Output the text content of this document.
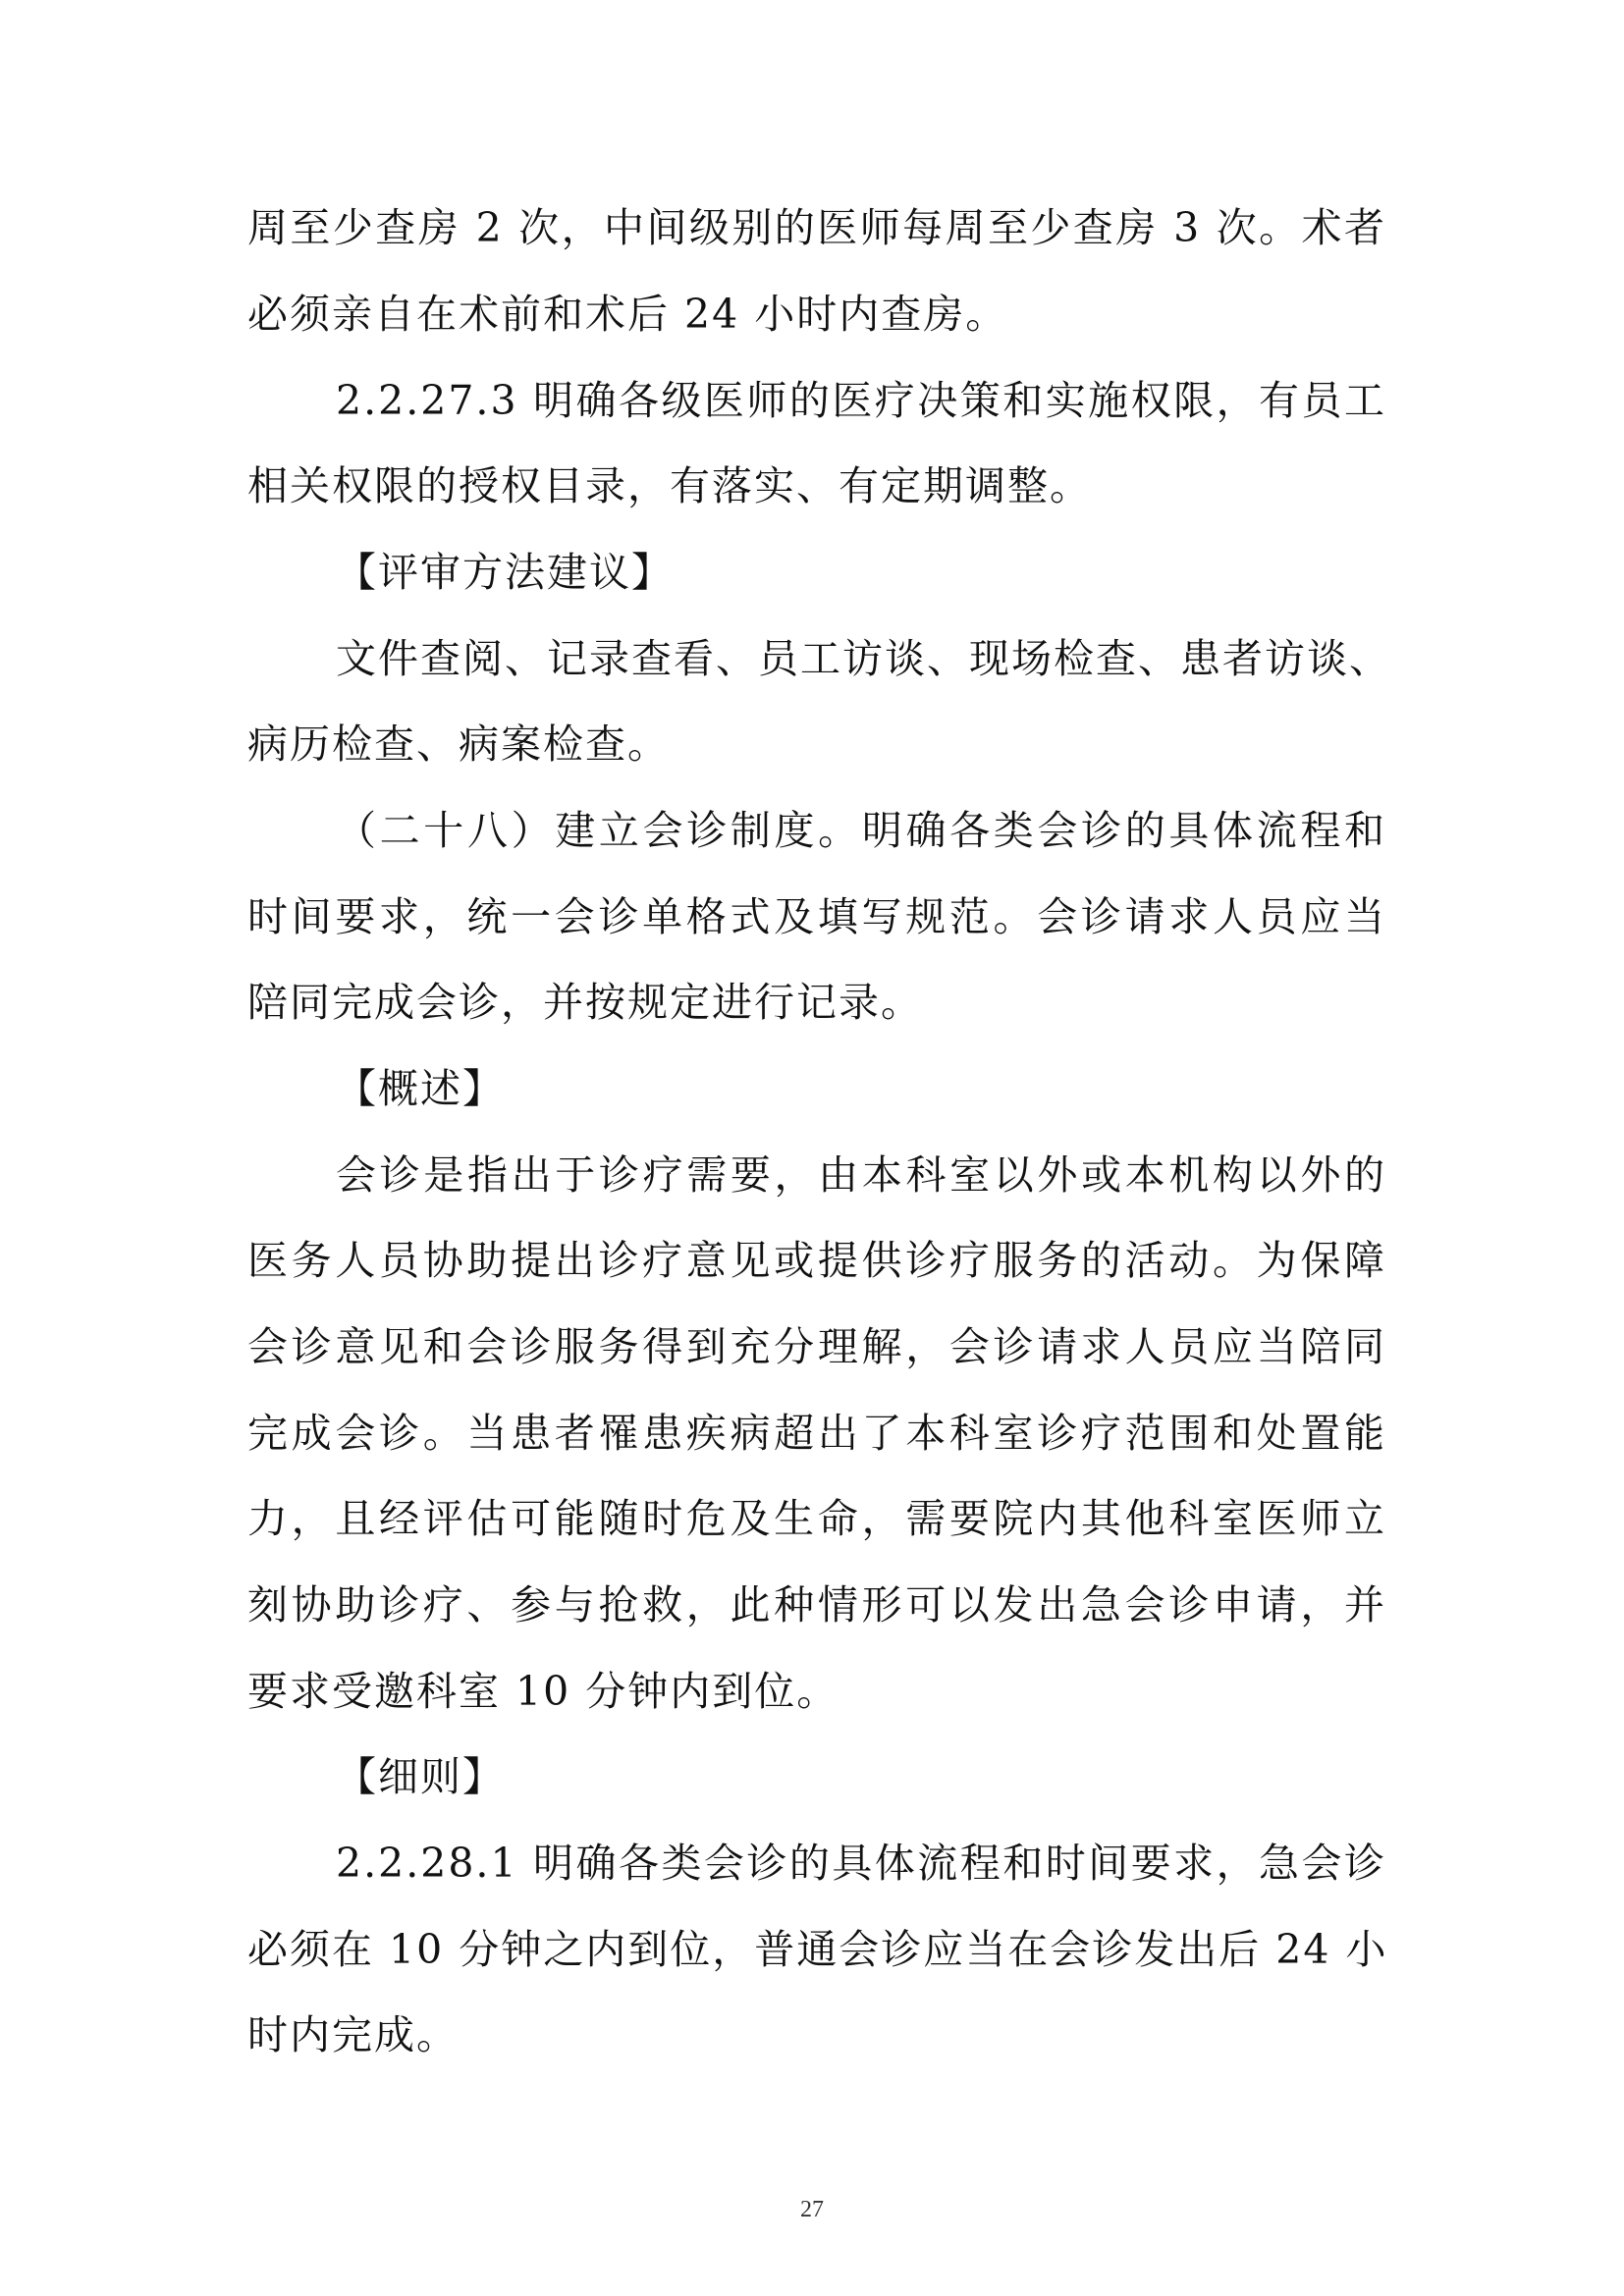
周至少查房 2 次，中间级别的医师每周至少查房 3 次。术者
必须亲自在术前和术后 24 小时内查房。
2.2.27.3 明确各级医师的医疗决策和实施权限，有员工
相关权限的授权目录，有落实、有定期调整。
【评审方法建议】
文件查阅、记录查看、员工访谈、现场检查、患者访谈、
病历检查、病案检查。
（二十八）建立会诊制度。明确各类会诊的具体流程和
时间要求，统一会诊单格式及填写规范。会诊请求人员应当
陪同完成会诊，并按规定进行记录。
【概述】
会诊是指出于诊疗需要，由本科室以外或本机构以外的
医务人员协助提出诊疗意见或提供诊疗服务的活动。为保障
会诊意见和会诊服务得到充分理解，会诊请求人员应当陪同
完成会诊。当患者罹患疾病超出了本科室诊疗范围和处置能
力，且经评估可能随时危及生命，需要院内其他科室医师立
刻协助诊疗、参与抢救，此种情形可以发出急会诊申请，并
要求受邀科室 10 分钟内到位。
【细则】
2.2.28.1 明确各类会诊的具体流程和时间要求，急会诊
必须在 10 分钟之内到位，普通会诊应当在会诊发出后 24 小
时内完成。
27
